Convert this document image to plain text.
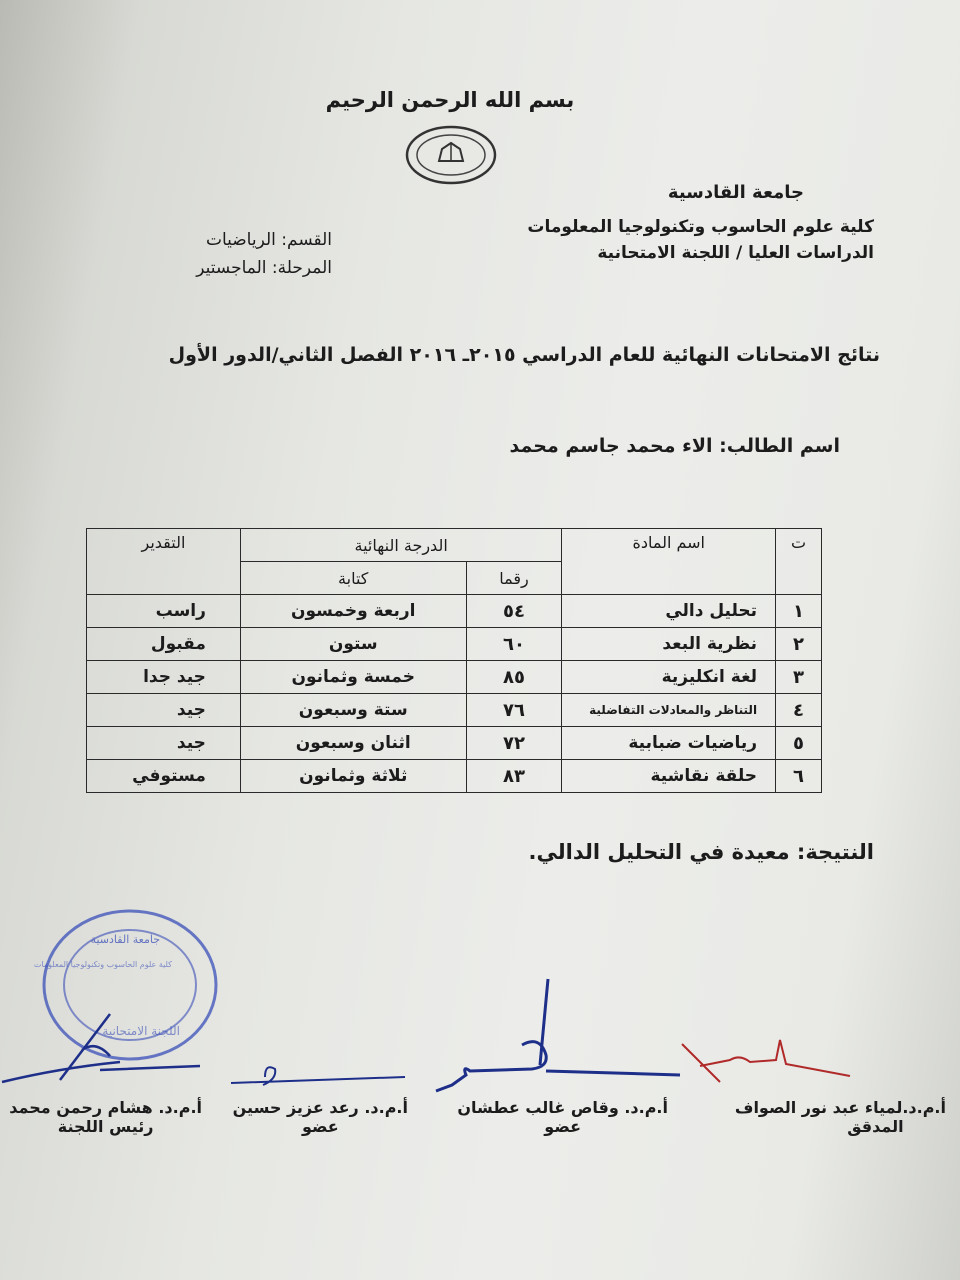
بسم الله الرحمن الرحيم
جامعة القادسية
كلية علوم الحاسوب وتكنولوجيا المعلومات
الدراسات العليا / اللجنة الامتحانية
القسم: الرياضيات
المرحلة: الماجستير
نتائج الامتحانات النهائية للعام الدراسي ٢٠١٥ـ ٢٠١٦ الفصل الثاني/الدور الأول
اسم الطالب: الاء محمد جاسم محمد
ت	اسم المادة	الدرجة النهائية		التقدير
		رقما	كتابة	
١	تحليل دالي	٥٤	اربعة وخمسون	راسب
٢	نظرية البعد	٦٠	ستون	مقبول
٣	لغة انكليزية	٨٥	خمسة وثمانون	جيد جدا
٤	التناظر والمعادلات التفاضلية	٧٦	ستة وسبعون	جيد
٥	رياضيات ضبابية	٧٢	اثنان وسبعون	جيد
٦	حلقة نقاشية	٨٣	ثلاثة وثمانون	مستوفي
النتيجة: معيدة في التحليل الدالي.
جامعة القادسية
كلية علوم الحاسوب وتكنولوجيا المعلومات
اللجنة الامتحانية
أ.م.د.لمياء عبد نور الصواف
المدقق
أ.م.د. وقاص غالب عطشان
عضو
أ.م.د. رعد عزيز حسين
عضو
أ.م.د. هشام رحمن محمد
رئيس اللجنة
